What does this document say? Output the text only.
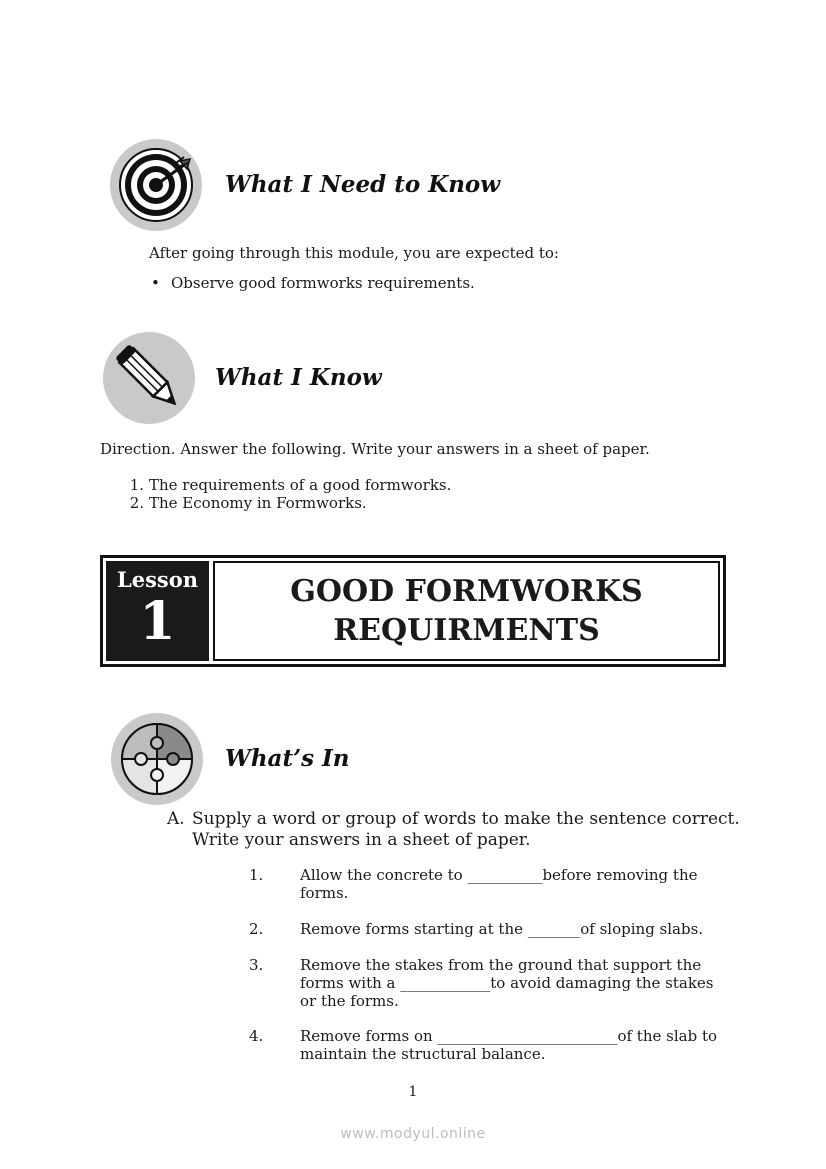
What I Need to Know
After going through this module, you are expected to:
• Observe good formworks requirements.
What I Know
Direction. Answer the following. Write your answers in a sheet of paper.
1. The requirements of a good formworks.
2. The Economy in Formworks.
Lesson
1	GOOD FORMWORKS
REQUIRMENTS
What’s In
A. Supply a word or group of words to make the sentence correct.
Write your answers in a sheet of paper.
1. Allow the concrete to __________before removing the
forms.
2. Remove forms starting at the _______of sloping slabs.
3. Remove the stakes from the ground that support the
forms with a ____________to avoid damaging the stakes
or the forms.
4. Remove forms on ________________________of the slab to
maintain the structural balance.
1
www.modyul.online
